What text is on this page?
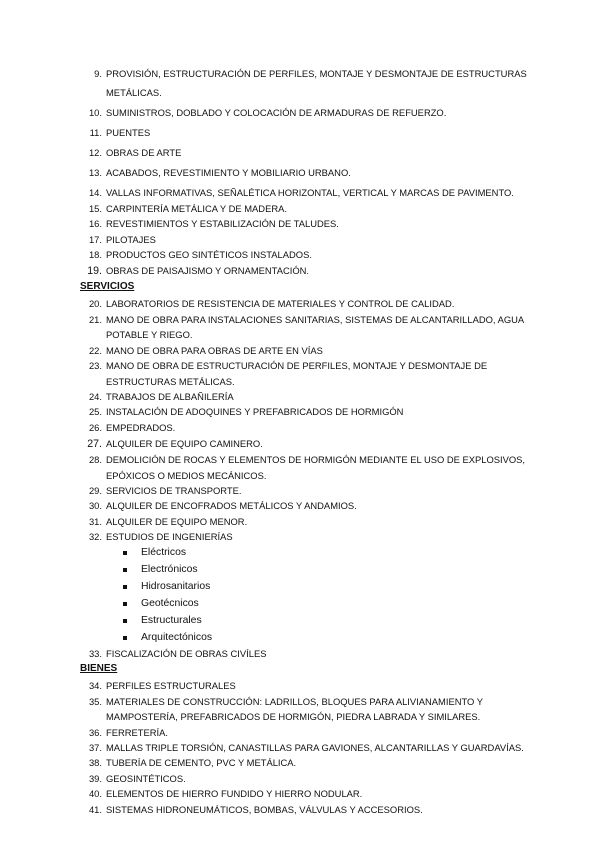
9. PROVISIÓN, ESTRUCTURACIÓN DE PERFILES, MONTAJE Y DESMONTAJE DE ESTRUCTURAS
METÁLICAS.
10. SUMINISTROS, DOBLADO Y COLOCACIÓN DE ARMADURAS DE REFUERZO.
11. PUENTES
12. OBRAS DE ARTE
13. ACABADOS, REVESTIMIENTO Y MOBILIARIO URBANO.
14. VALLAS INFORMATIVAS, SEÑALÉTICA HORIZONTAL, VERTICAL Y MARCAS DE PAVIMENTO.
15. CARPINTERÍA METÁLICA Y DE MADERA.
16. REVESTIMIENTOS Y ESTABILIZACIÓN DE TALUDES.
17. PILOTAJES
18. PRODUCTOS GEO SINTÉTICOS INSTALADOS.
19. OBRAS DE PAISAJISMO Y ORNAMENTACIÓN.
SERVICIOS
20. LABORATORIOS DE RESISTENCIA DE MATERIALES Y CONTROL DE CALIDAD.
21. MANO DE OBRA PARA INSTALACIONES SANITARIAS, SISTEMAS DE ALCANTARILLADO, AGUA
POTABLE Y RIEGO.
22. MANO DE OBRA PARA OBRAS DE ARTE EN VÍAS
23. MANO DE OBRA DE ESTRUCTURACIÓN DE PERFILES, MONTAJE Y DESMONTAJE DE
ESTRUCTURAS METÁLICAS.
24. TRABAJOS DE ALBAÑILERÍA
25. INSTALACIÓN DE ADOQUINES Y PREFABRICADOS DE HORMIGÓN
26. EMPEDRADOS.
27. ALQUILER DE EQUIPO CAMINERO.
28. DEMOLICIÓN DE ROCAS Y ELEMENTOS DE HORMIGÓN MEDIANTE EL USO DE EXPLOSIVOS,
EPÓXICOS O MEDIOS MECÁNICOS.
29. SERVICIOS DE TRANSPORTE.
30. ALQUILER DE ENCOFRADOS METÁLICOS Y ANDAMIOS.
31. ALQUILER DE EQUIPO MENOR.
32. ESTUDIOS DE INGENIERÍAS
Eléctricos
Electrónicos
Hidrosanitarios
Geotécnicos
Estructurales
Arquitectónicos
33. FISCALIZACIÓN DE OBRAS CIVÍLES
BIENES
34. PERFILES ESTRUCTURALES
35. MATERIALES DE CONSTRUCCIÓN: LADRILLOS, BLOQUES PARA ALIVIANAMIENTO Y
MAMPOSTERÍA, PREFABRICADOS DE HORMIGÓN, PIEDRA LABRADA Y SIMILARES.
36. FERRETERÍA.
37. MALLAS TRIPLE TORSIÓN, CANASTILLAS PARA GAVIONES, ALCANTARILLAS Y GUARDAVÍAS.
38. TUBERÍA DE CEMENTO, PVC Y METÁLICA.
39. GEOSINTÉTICOS.
40. ELEMENTOS DE HIERRO FUNDIDO Y HIERRO NODULAR.
41. SISTEMAS HIDRONEUMÁTICOS, BOMBAS, VÁLVULAS Y ACCESORIOS.
